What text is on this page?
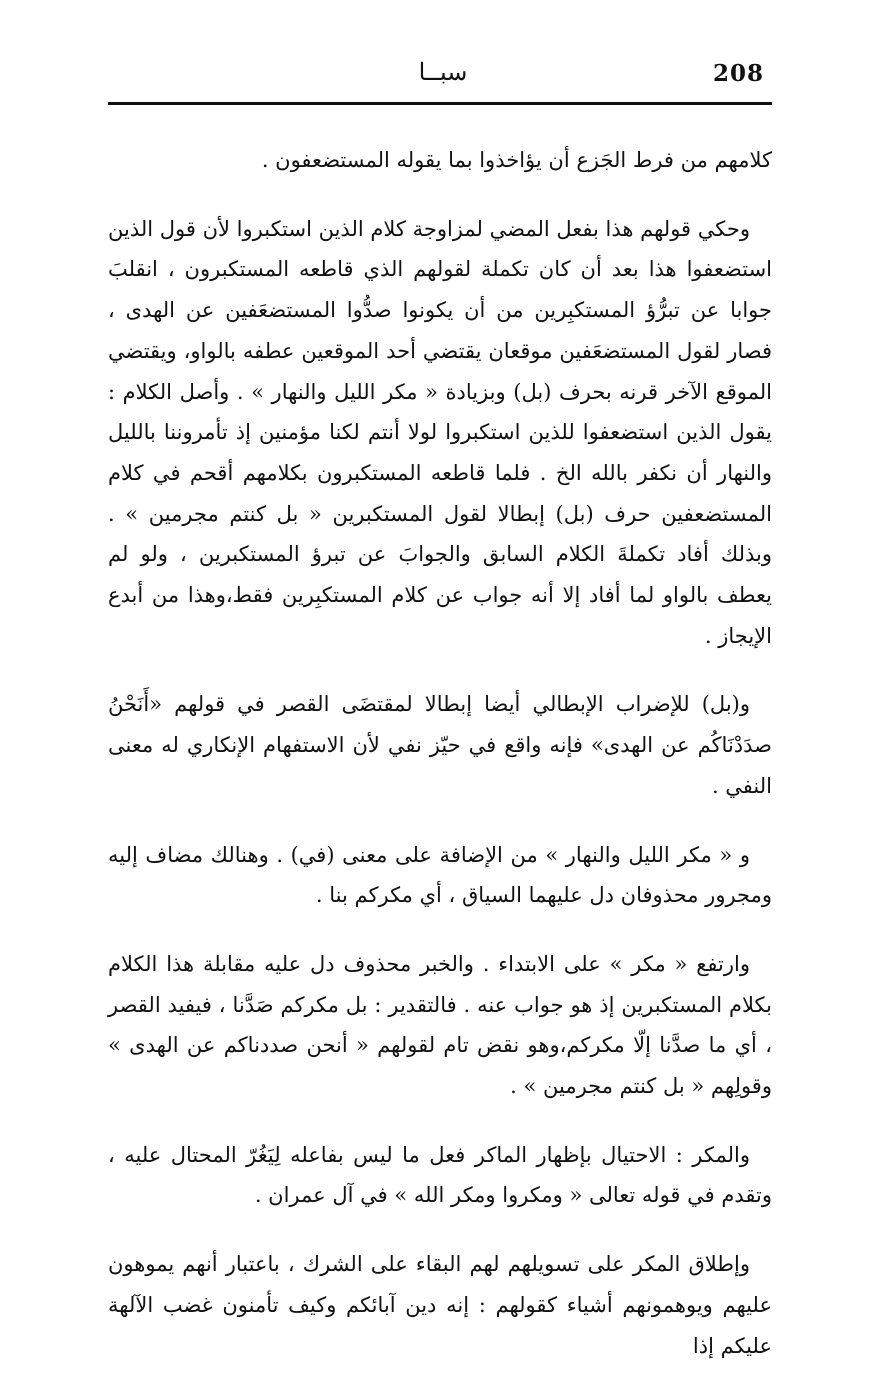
سبــا	208

كلامهم من فرط الجَزع أن يؤاخذوا بما يقوله المستضعفون .

وحكي قولهم هذا بفعل المضي لمزاوجة كلام الذين استكبروا لأن قول الذين استضعفوا هذا بعد أن كان تكملة لقولهم الذي قاطعه المستكبرون ، انقلبَ جوابا عن تبرُّؤ المستكبِرين من أن يكونوا صدُّوا المستضعَفين عن الهدى ، فصار لقول المستضعَفين موقعان يقتضي أحد الموقعين عطفه بالواو، ويقتضي الموقع الآخر قرنه بحرف (بل) وبزيادة « مكر الليل والنهار » . وأصل الكلام : يقول الذين استضعفوا للذين استكبروا لولا أنتم لكنا مؤمنين إذ تأمروننا بالليل والنهار أن نكفر بالله الخ . فلما قاطعه المستكبرون بكلامهم أقحم في كلام المستضعفين حرف (بل) إبطالا لقول المستكبرين « بل كنتم مجرمين » . وبذلك أفاد تكملةَ الكلام السابق والجوابَ عن تبرؤ المستكبرين ، ولو لم يعطف بالواو لما أفاد إلا أنه جواب عن كلام المستكبِرين فقط،وهذا من أبدع الإيجاز .

و(بل) للإضراب الإبطالي أيضا إبطالا لمقتضَى القصر في قولهم «أَنَحْنُ صدَدْنَاكُم عن الهدى» فإنه واقع في حيّز نفي لأن الاستفهام الإنكاري له معنى النفي .

و « مكر الليل والنهار » من الإضافة على معنى (في) . وهنالك مضاف إليه ومجرور محذوفان دل عليهما السياق ، أي مكركم بنا .

وارتفع « مكر » على الابتداء . والخبر محذوف دل عليه مقابلة هذا الكلام بكلام المستكبرين إذ هو جواب عنه . فالتقدير : بل مكركم صَدَّنا ، فيفيد القصر ، أي ما صدَّنا إلّا مكركم،وهو نقض تام لقولهم « أنحن صددناكم عن الهدى » وقولِهم « بل كنتم مجرمين » .

والمكر : الاحتيال بإظهار الماكر فعل ما ليس بفاعله لِيَغُرّ المحتال عليه ، وتقدم في قوله تعالى « ومكروا ومكر الله » في آل عمران .

وإطلاق المكر على تسويلهم لهم البقاء على الشرك ، باعتبار أنهم يموهون عليهم ويوهمونهم أشياء كقولهم : إنه دين آبائكم وكيف تأمنون غضب الآلهة عليكم إذا
